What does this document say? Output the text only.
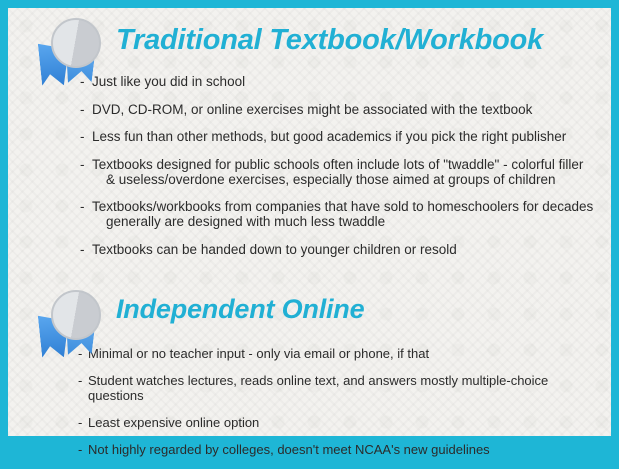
Traditional Textbook/Workbook
- Just like you did in school
- DVD, CD-ROM, or online exercises might be associated with the textbook
- Less fun than other methods, but good academics if you pick the right publisher
- Textbooks designed for public schools often include lots of "twaddle" - colorful filler
& useless/overdone exercises, especially those aimed at groups of children
- Textbooks/workbooks from companies that have sold to homeschoolers for decades
generally are designed with much less twaddle
- Textbooks can be handed down to younger children or resold
Independent Online
- Minimal or no teacher input - only via email or phone, if that
- Student watches lectures, reads online text, and answers mostly multiple-choice questions
- Least expensive online option
- Not highly regarded by colleges, doesn't meet NCAA's new guidelines
